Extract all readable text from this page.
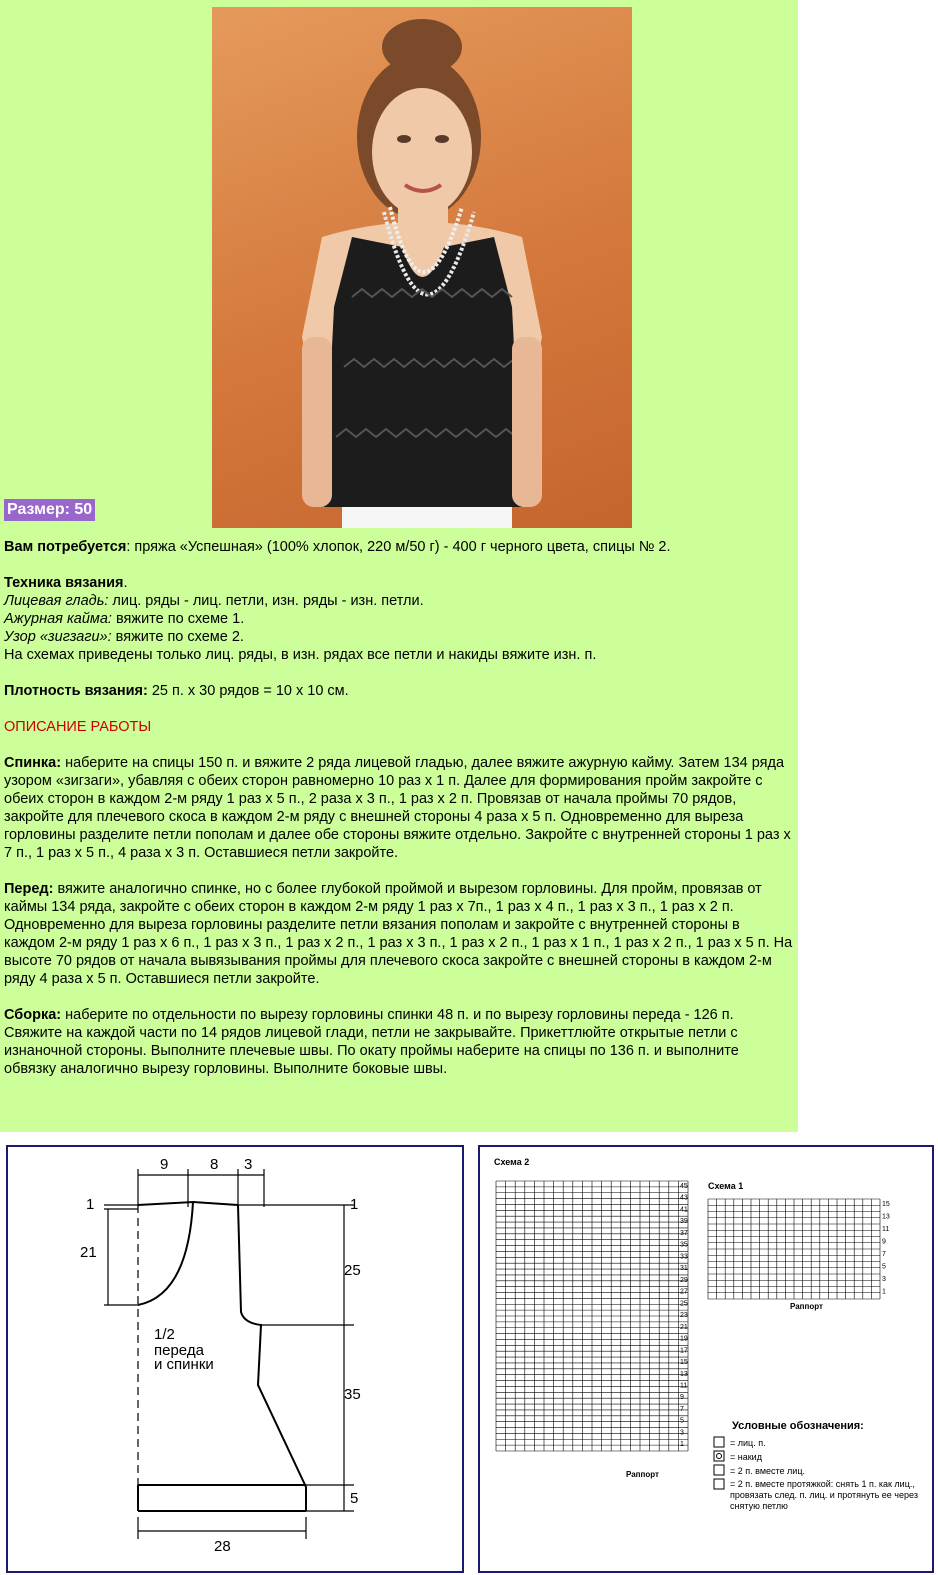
Размер: 50

Вам потребуется: пряжа «Успешная» (100% хлопок, 220 м/50 г) - 400 г черного цвета, спицы № 2.

Техника вязания.
Лицевая гладь: лиц. ряды - лиц. петли, изн. ряды - изн. петли.
Ажурная кайма: вяжите по схеме 1.
Узор «зигзаги»: вяжите по схеме 2.
На схемах приведены только лиц. ряды, в изн. рядах все петли и накиды вяжите изн. п.

Плотность вязания: 25 п. х 30 рядов = 10 х 10 см.

ОПИСАНИЕ РАБОТЫ

Спинка: наберите на спицы 150 п. и вяжите 2 ряда лицевой гладью, далее вяжите ажурную кайму. Затем 134 ряда узором «зигзаги», убавляя с обеих сторон равномерно 10 раз х 1 п. Далее для формирования пройм закройте с обеих сторон в каждом 2-м ряду 1 раз х 5 п., 2 раза х 3 п., 1 раз х 2 п. Провязав от начала проймы 70 рядов, закройте для плечевого скоса в каждом 2-м ряду с внешней стороны 4 раза х 5 п. Одновременно для выреза горловины разделите петли пополам и далее обе стороны вяжите отдельно. Закройте с внутренней стороны 1 раз х 7 п., 1 раз х 5 п., 4 раза х 3 п. Оставшиеся петли закройте.

Перед: вяжите аналогично спинке, но с более глубокой проймой и вырезом горловины. Для пройм, провязав от каймы 134 ряда, закройте с обеих сторон в каждом 2-м ряду 1 раз х 7п., 1 раз х 4 п., 1 раз х 3 п., 1 раз х 2 п. Одновременно для выреза горловины разделите петли вязания пополам и закройте с внутренней стороны в каждом 2-м ряду 1 раз х 6 п., 1 раз х 3 п., 1 раз х 2 п., 1 раз х 3 п., 1 раз х 2 п., 1 раз х 1 п., 1 раз х 2 п., 1 раз х 5 п. На высоте 70 рядов от начала вывязывания проймы для плечевого скоса закройте с внешней стороны в каждом 2-м ряду 4 раза х 5 п. Оставшиеся петли закройте.

Сборка: наберите по отдельности по вырезу горловины спинки 48 п. и по вырезу горловины переда - 126 п. Свяжите на каждой части по 14 рядов лицевой глади, петли не закрывайте. Прикеттлюйте открытые петли с изнаночной стороны. Выполните плечевые швы. По окату проймы наберите на спицы по 136 п. и выполните обвязку аналогично вырезу горловины. Выполните боковые швы.

9	8 3
1
21
1
25
35
5
28
1/2
переда
и спинки
Схема 2
Схема 1
45
43
41
39
37
35
33
31
29
27
25
23
21
19
17
15
13
11
9
7
5
3
1
15
13
11
9
7
5
3
1
Раппорт
Раппорт
Условные обозначения:
= лиц. п.
= накид
= 2 п. вместе лиц.
= 2 п. вместе протяжкой: снять 1 п. как лиц., провязать след. п. лиц. и протянуть ее через снятую петлю
